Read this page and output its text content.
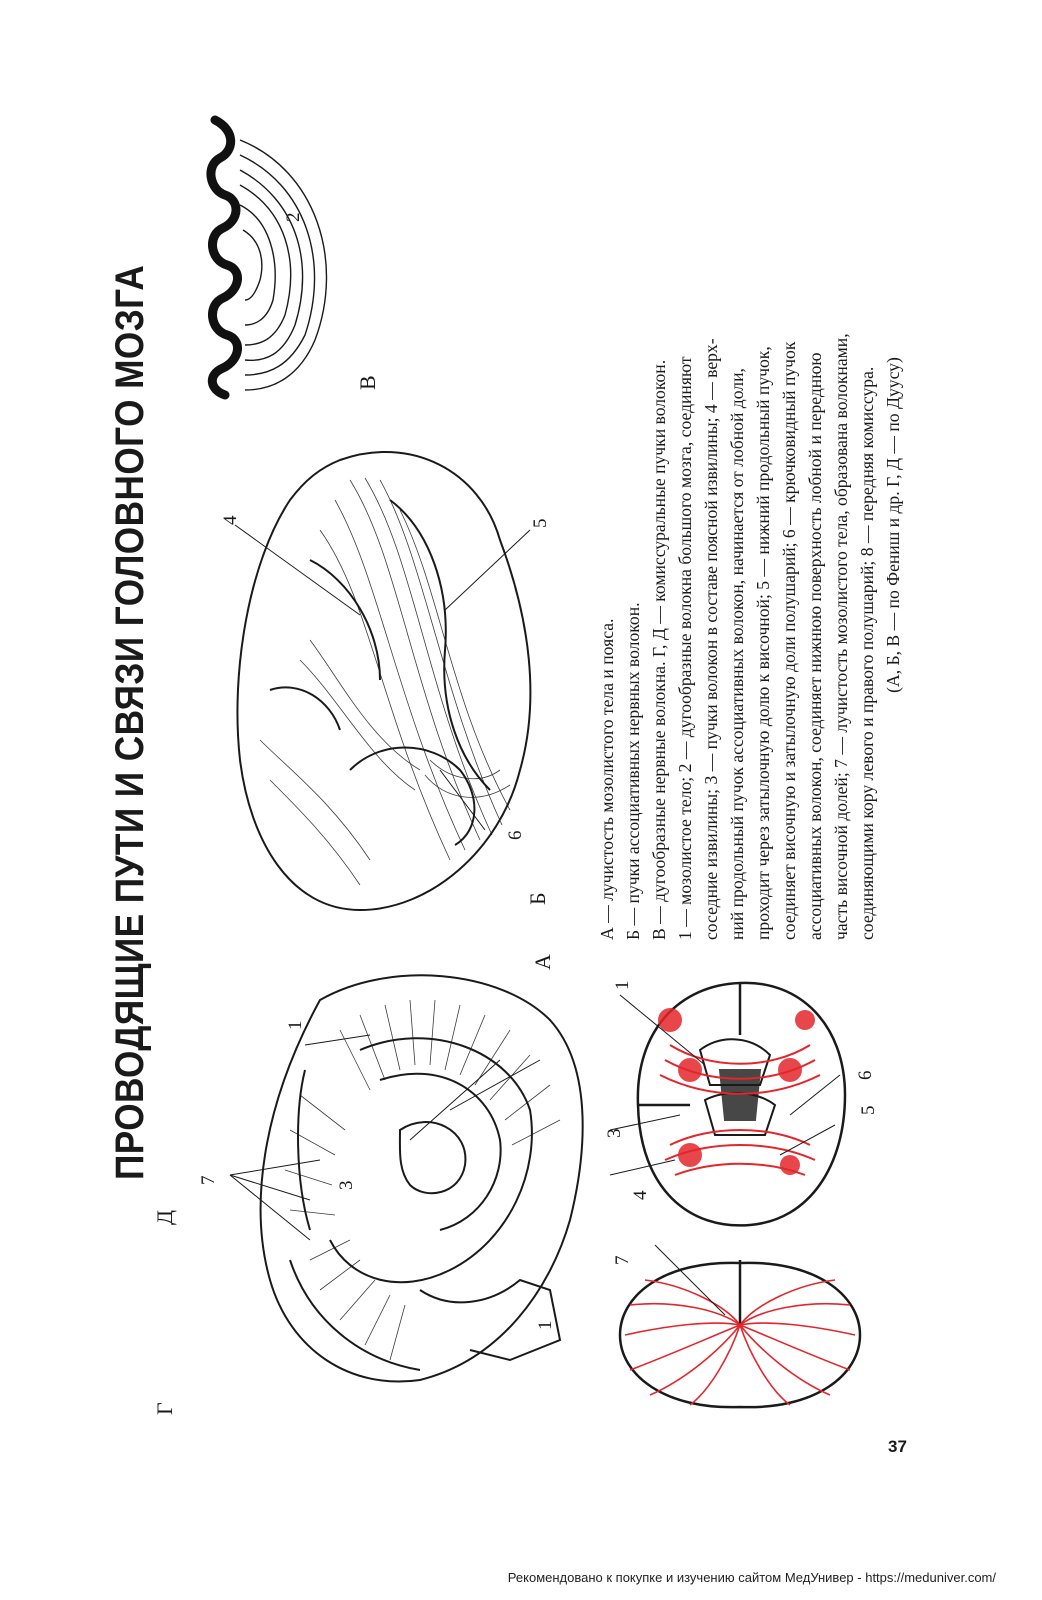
ПРОВОДЯЩИЕ ПУТИ И СВЯЗИ ГОЛОВНОГО МОЗГА	А
Б
В
Г
Д
1
1
3
7
4	5
6
2
1
3
4
5
6
7
А — лучистость мозолистого тела и пояса. Б — пучки ассоциативных нервных волокон. В — дугообразные нервные волокна. Г, Д — комиссуральные пучки волокон. 1 — мозолистое тело; 2 — дугообразные волокна большого мозга, соединяют соседние извилины; 3 — пучки волокон в составе поясной извилины; 4 — верх- ний продольный пучок ассоциативных волокон, начинается от лобной доли, проходит через затылочную долю к височной; 5 — нижний продольный пучок, соединяет височную и затылочную доли полушарий; 6 — крючковидный пучок ассоциативных волокон, соединяет нижнюю поверхность лобной и переднюю часть височной долей; 7 — лучистость мозолистого тела, образована волокнами, соединяющими кору левого и правого полушарий; 8 — передняя комиссура. (А, Б, В — по Фениш и др. Г, Д — по Дуусу)
37
Рекомендовано к покупке и изучению сайтом МедУнивер - https://meduniver.com/
